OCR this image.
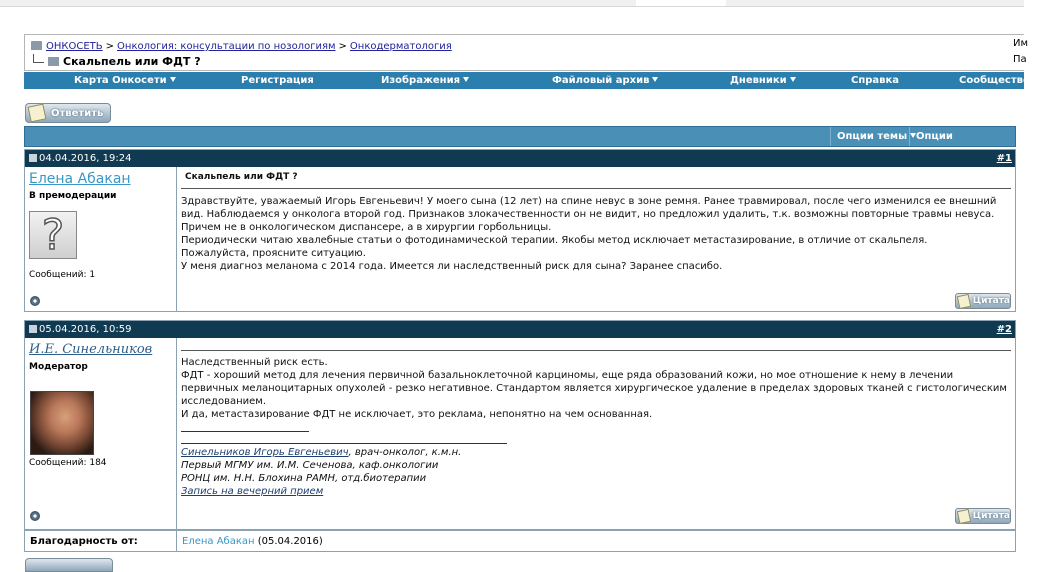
ОНКОСЕТЬ > Онкология: консультации по нозологиям > Онкодерматология
Скальпель или ФДТ ?
Им
Па
Карта Онкосети	Регистрация	Изображения	Файловый архив	Дневники	Справка	Сообщество
Ответить
Опции темы Опции
04.04.2016, 19:24	#1
Елена Абакан
В премодерации
?
Сообщений: 1
Скальпель или ФДТ ?
Здравствуйте, уважаемый Игорь Евгеньевич! У моего сына (12 лет) на спине невус в зоне ремня. Ранее травмировал, после чего изменился ее внешний вид. Наблюдаемся у онколога второй год. Признаков злокачественности он не видит, но предложил удалить, т.к. возможны повторные травмы невуса. Причем не в онкологическом диспансере, а в хирургии горбольницы.
Периодически читаю хвалебные статьи о фотодинамической терапии. Якобы метод исключает метастазирование, в отличие от скальпеля.
Пожалуйста, проясните ситуацию.
У меня диагноз меланома с 2014 года. Имеется ли наследственный риск для сына? Заранее спасибо.
Цитата
05.04.2016, 10:59	#2
И.Е. Синельников
Модератор
Сообщений: 184
Наследственный риск есть.
ФДТ - хороший метод для лечения первичной базальноклеточной карциномы, еще ряда образований кожи, но мое отношение к нему в лечении первичных меланоцитарных опухолей - резко негативное. Стандартом является хирургическое удаление в пределах здоровых тканей с гистологическим исследованием.
И да, метастазирование ФДТ не исключает, это реклама, непонятно на чем основанная.
Синельников Игорь Евгеньевич, врач-онколог, к.м.н.
Первый МГМУ им. И.М. Сеченова, каф.онкологии
РОНЦ им. Н.Н. Блохина РАМН, отд.биотерапии
Запись на вечерний прием
Цитата
Благодарность от:	Елена Абакан (05.04.2016)
